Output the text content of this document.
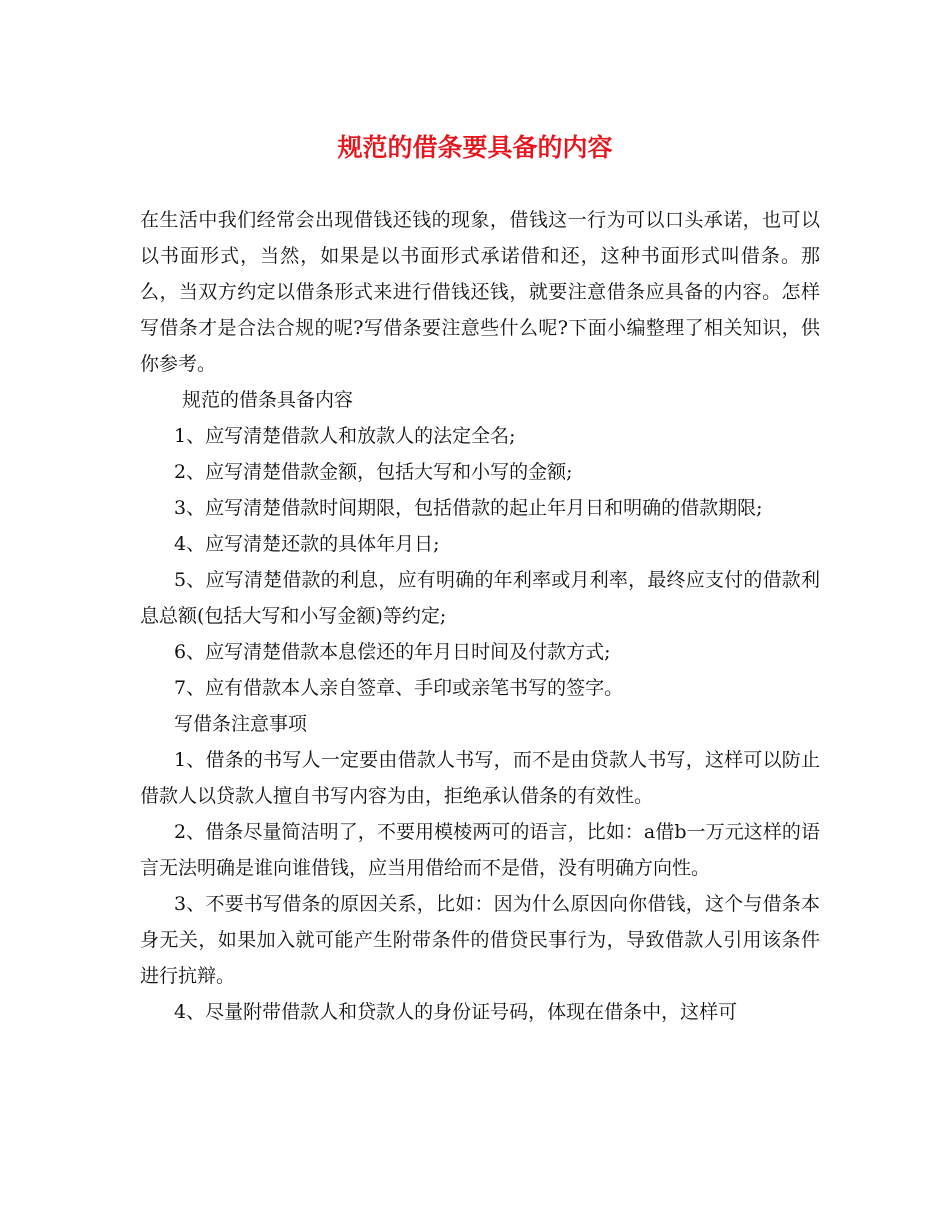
规范的借条要具备的内容

在生活中我们经常会出现借钱还钱的现象，借钱这一行为可以口头承诺，也可以以书面形式，当然，如果是以书面形式承诺借和还，这种书面形式叫借条。那么，当双方约定以借条形式来进行借钱还钱，就要注意借条应具备的内容。怎样写借条才是合法合规的呢?写借条要注意些什么呢?下面小编整理了相关知识，供你参考。

规范的借条具备内容

1、应写清楚借款人和放款人的法定全名;

2、应写清楚借款金额，包括大写和小写的金额;

3、应写清楚借款时间期限，包括借款的起止年月日和明确的借款期限;

4、应写清楚还款的具体年月日;

5、应写清楚借款的利息，应有明确的年利率或月利率，最终应支付的借款利息总额(包括大写和小写金额)等约定;

6、应写清楚借款本息偿还的年月日时间及付款方式;

7、应有借款本人亲自签章、手印或亲笔书写的签字。

写借条注意事项

1、借条的书写人一定要由借款人书写，而不是由贷款人书写，这样可以防止借款人以贷款人擅自书写内容为由，拒绝承认借条的有效性。

2、借条尽量简洁明了，不要用模棱两可的语言，比如：a借b一万元这样的语言无法明确是谁向谁借钱，应当用借给而不是借，没有明确方向性。

3、不要书写借条的原因关系，比如：因为什么原因向你借钱，这个与借条本身无关，如果加入就可能产生附带条件的借贷民事行为，导致借款人引用该条件进行抗辩。

4、尽量附带借款人和贷款人的身份证号码，体现在借条中，这样可
